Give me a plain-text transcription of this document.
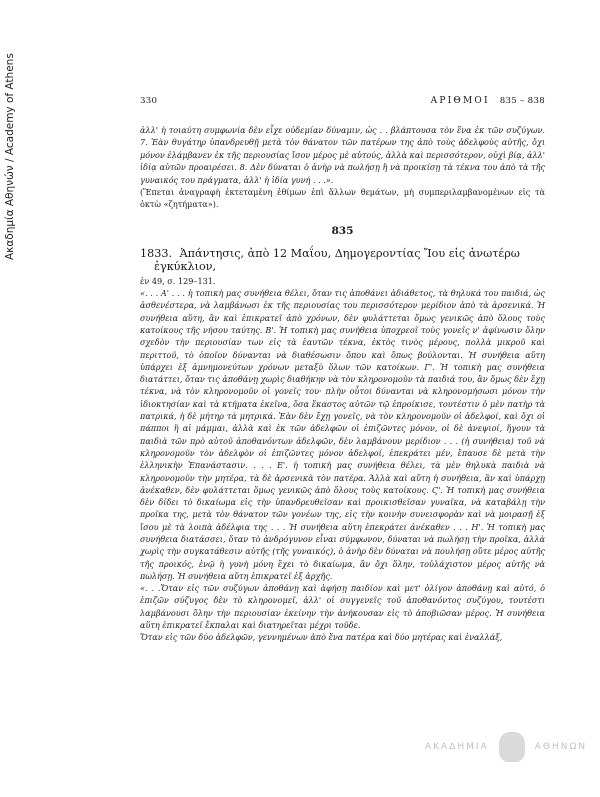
Ακαδημία Αθηνών / Academy of Athens	330	ΑΡΙΘΜΟΙ 835 – 838

ἀλλ' ἡ τοιαύτη συμφωνία δὲν εἶχε οὐδεμίαν δύναμιν, ὡς . . βλάπτουσα τὸν ἕνα ἐκ τῶν συζύγων. 7. Ἐὰν θυγάτηρ ὑπανδρευθῇ μετὰ τὸν θάνατον τῶν πατέρων της ἀπὸ τοὺς ἀδελφοὺς αὐτῆς, ὄχι μόνον ἐλάμβανεν ἐκ τῆς περιουσίας ἴσον μέρος μὲ αὐτούς, ἀλλὰ καὶ περισσότερον, οὐχὶ βίᾳ, ἀλλ' ἰδίᾳ αὐτῶν προαιρέσει. 8. Δὲν δύναται ὁ ἀνὴρ νὰ πωλήσῃ ἢ νὰ προικίσῃ τὰ τέκνα του ἀπὸ τὰ τῆς γυναικός του πράγματα, ἀλλ' ἡ ἰδία γυνή . . .».

(Ἕπεται ἀναγραφὴ ἐκτεταμένη ἐθίμων ἐπὶ ἄλλων θεμάτων, μὴ συμπεριλαμβανομένων εἰς τὰ ὀκτὼ «ζητήματα»).

835

1833. Ἀπάντησις, ἀπὸ 12 Μαΐου, Δημογεροντίας Ἴου εἰς ἀνωτέρω ἐγκύκλιον,

ἐν 49, σ. 129–131.

«. . . Α' . . . ἡ τοπικὴ μας συνήθεια θέλει, ὅταν τις ἀποθάνει ἀδιάθετος, τὰ θηλυκά του παιδιά, ὡς ἀσθενέστερα, νὰ λαμβάνωσι ἐκ τῆς περιουσίας του περισσότερον μερίδιον ἀπὸ τὰ ἀρσενικά. Ἡ συνήθεια αὕτη, ἂν καὶ ἐπικρατεῖ ἀπὸ χρόνων, δὲν φυλάττεται ὅμως γενικῶς ἀπὸ ὅλους τοὺς κατοίκους τῆς νήσου ταύτης. Β'. Ἡ τοπικὴ μας συνήθεια ὑποχρεοῖ τοὺς γονεῖς ν' ἀφίνωσιν ὅλην σχεδὸν τὴν περιουσίαν των εἰς τὰ ἑαυτῶν τέκνα, ἐκτὸς τινὸς μέρους, πολλὰ μικροῦ καὶ περιττοῦ, τὸ ὁποῖον δύνανται νὰ διαθέσωσιν ὅπου καὶ ὅπως βούλονται. Ἡ συνήθεια αὕτη ὑπάρχει ἐξ ἀμνημονεύτων χρόνων μεταξὺ ὅλων τῶν κατοίκων. Γ'. Ἡ τοπικὴ μας συνήθεια διατάττει, ὅταν τις ἀποθάνῃ χωρὶς διαθήκην νὰ τὸν κληρονομοῦν τὰ παιδιά του, ἂν ὅμως δὲν ἔχῃ τέκνα, νὰ τὸν κληρονομοῦν οἱ γονεῖς του· πλὴν οὗτοι δύνανται νὰ κληρονομήσωσι μόνον τὴν ἰδιοκτησίαν καὶ τὰ κτήματα ἐκεῖνα, ὅσα ἕκαστος αὐτῶν τῷ ἐπροίκισε, τουτέστιν ὁ μὲν πατὴρ τὰ πατρικά, ἡ δὲ μήτηρ τὰ μητρικά. Ἐὰν δὲν ἔχῃ γονεῖς, νὰ τὸν κληρονομοῦν οἱ ἀδελφοί, καὶ ὄχι οἱ πάπποι ἢ αἱ μάμμαι, ἀλλὰ καὶ ἐκ τῶν ἀδελφῶν οἱ ἐπιζῶντες μόνον, οἱ δὲ ἀνεψιοί, ἤγουν τὰ παιδιὰ τῶν πρὸ αὐτοῦ ἀποθανόντων ἀδελφῶν, δὲν λαμβάνουν μερίδιον . . . (ἡ συνήθεια) τοῦ νὰ κληρονομοῦν τὸν ἀδελφὸν οἱ ἐπιζῶντες μόνον ἀδελφοί, ἐπεκράτει μέν, ἔπαυσε δὲ μετὰ τὴν ἑλληνικὴν Ἐπανάστασιν. . . . Ε'. ἡ τοπικὴ μας συνήθεια θέλει, τὰ μὲν θηλυκὰ παιδιὰ νὰ κληρονομοῦν τὴν μητέρα, τὰ δὲ ἀρσενικὰ τὸν πατέρα. Ἀλλὰ καὶ αὕτη ἡ συνήθεια, ἂν καὶ ὑπάρχῃ ἀνέκαθεν, δὲν φυλάττεται ὅμως γενικῶς ἀπὸ ὅλους τοὺς κατοίκους. Ϛ'. Ἡ τοπικὴ μας συνήθεια δὲν δίδει τὸ δικαίωμα εἰς τὴν ὑπανδρευθεῖσαν καὶ προικισθεῖσαν γυναῖκα, νὰ καταβάλῃ τὴν προῖκα της, μετὰ τὸν θάνατον τῶν γονέων της, εἰς τὴν κοινὴν συνεισφορὰν καὶ νὰ μοιρασῇ ἐξ ἴσου μὲ τὰ λοιπὰ ἀδέλφια της . . . Ἡ συνήθεια αὕτη ἐπεκράτει ἀνέκαθεν . . . Η'. Ἡ τοπικὴ μας συνήθεια διατάσσει, ὅταν τὸ ἀνδρόγυνον εἶναι σύμφωνον, δύναται νὰ πωλήσῃ τὴν προῖκα, ἀλλὰ χωρὶς τὴν συγκατάθεσιν αὐτῆς (τῆς γυναικός), ὁ ἀνὴρ δὲν δύναται νὰ πουλήσῃ οὔτε μέρος αὐτῆς τῆς προικός, ἐνῷ ἡ γυνὴ μόνη ἔχει τὸ δικαίωμα, ἂν ὄχι ὅλην, τοὐλάχιστον μέρος αὐτῆς νὰ πωλήσῃ. Ἡ συνήθεια αὕτη ἐπικρατεῖ ἐξ ἀρχῆς.

«. . .Ὅταν εἰς τῶν συζύγων ἀποθάνῃ καὶ ἀφήσῃ παιδίον καὶ μετ' ὀλίγον ἀποθάνῃ καὶ αὐτό, ὁ ἐπιζῶν σύζυγος δὲν τὸ κληρονομεῖ, ἀλλ' οἱ συγγενεῖς τοῦ ἀποθανόντος συζύγου, τουτέστι λαμβάνουσι ὅλην τὴν περιουσίαν ἐκείνην τὴν ἀνήκουσαν εἰς τὸ ἀποβιῶσαν μέρος. Ἡ συνήθεια αὕτη ἐπικρατεῖ ἔκπαλαι καὶ διατηρεῖται μέχρι τοῦδε.

Ὅταν εἰς τῶν δύο ἀδελφῶν, γεννημένων ἀπὸ ἕνα πατέρα καὶ δύο μητέρας καὶ ἐναλλάξ,

ΑΚΑΔΗΜΙΑ	ΑΘΗΝΩΝ
